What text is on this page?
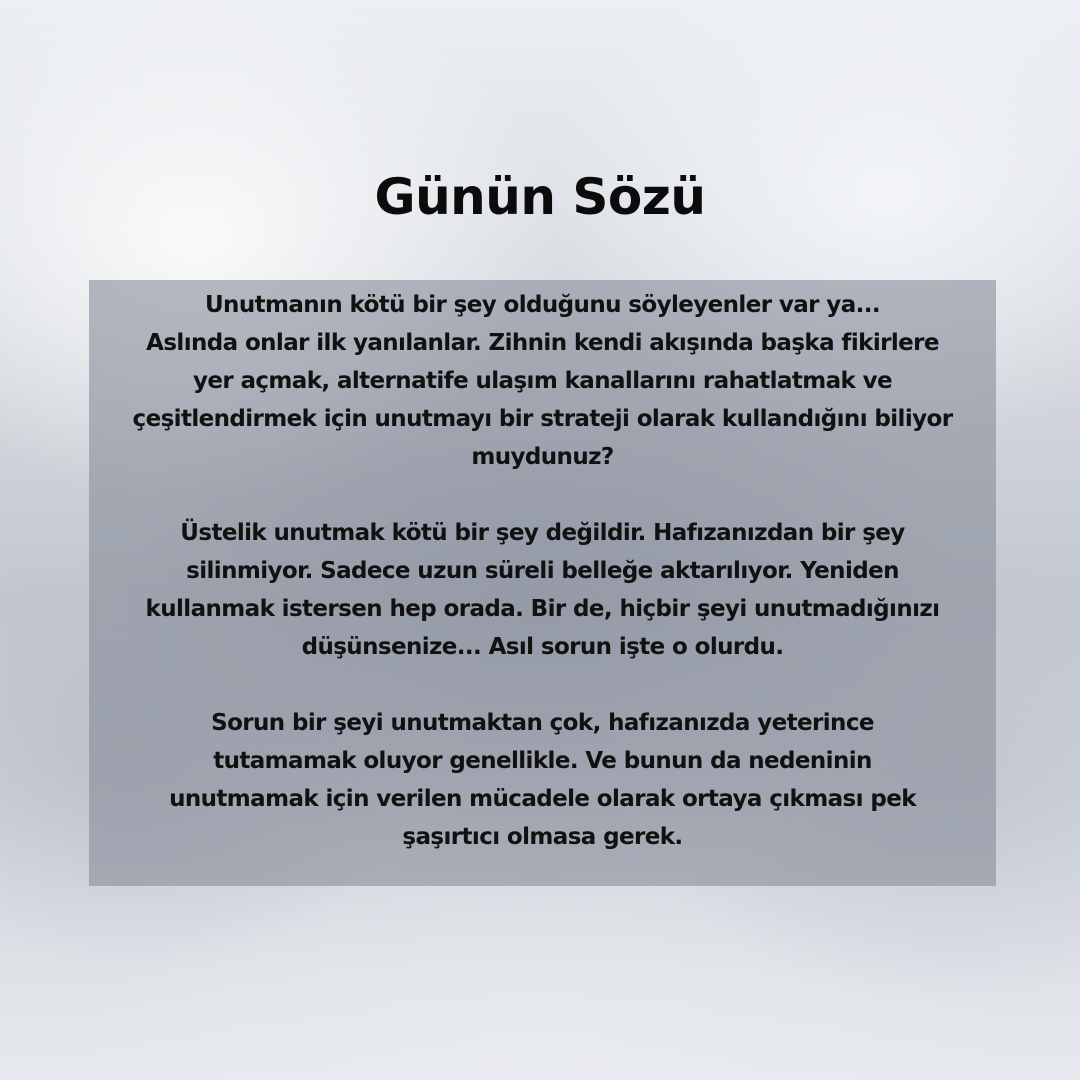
Günün Sözü

Unutmanın kötü bir şey olduğunu söyleyenler var ya...
Aslında onlar ilk yanılanlar. Zihnin kendi akışında başka fikirlere
yer açmak, alternatife ulaşım kanallarını rahatlatmak ve
çeşitlendirmek için unutmayı bir strateji olarak kullandığını biliyor
muydunuz?

Üstelik unutmak kötü bir şey değildir. Hafızanızdan bir şey
silinmiyor. Sadece uzun süreli belleğe aktarılıyor. Yeniden
kullanmak istersen hep orada. Bir de, hiçbir şeyi unutmadığınızı
düşünsenize... Asıl sorun işte o olurdu.

Sorun bir şeyi unutmaktan çok, hafızanızda yeterince
tutamamak oluyor genellikle. Ve bunun da nedeninin
unutmamak için verilen mücadele olarak ortaya çıkması pek
şaşırtıcı olmasa gerek.
